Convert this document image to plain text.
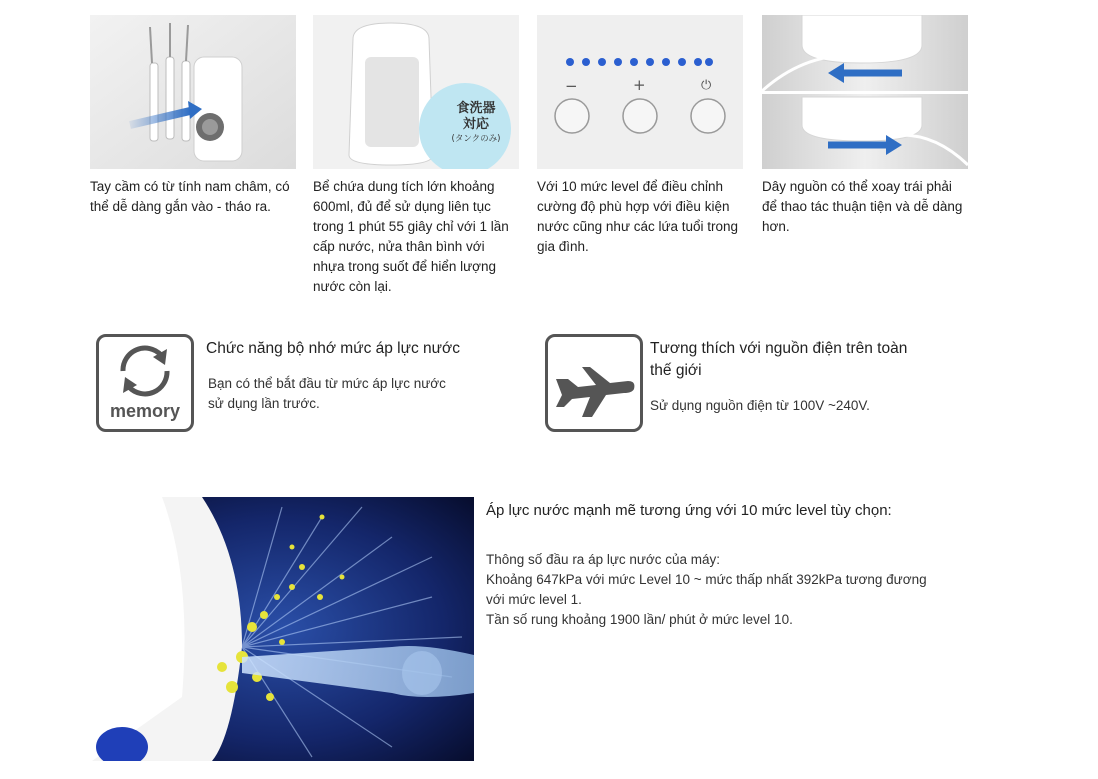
Tay cầm có từ tính nam châm, có thể dễ dàng gắn vào - tháo ra.
食洗器
対応
(タンクのみ)
Bể chứa dung tích lớn khoảng 600ml, đủ để sử dụng liên tục trong 1 phút 55 giây chỉ với 1 lần cấp nước, nửa thân bình với nhựa trong suốt để hiển lượng nước còn lại.
−	+	⏻
Với 10 mức level để điều chỉnh cường độ phù hợp với điều kiện nước cũng như các lứa tuổi trong gia đình.
Dây nguồn có thể xoay trái phải để thao tác thuận tiện và dễ dàng hơn.
memory
Chức năng bộ nhớ mức áp lực nước
Bạn có thể bắt đầu từ mức áp lực nước sử dụng lần trước.
Tương thích với nguồn điện trên toàn thế giới
Sử dụng nguồn điện từ 100V ~240V.
Áp lực nước mạnh mẽ tương ứng với 10 mức level tùy chọn:
Thông số đầu ra áp lực nước của máy:
Khoảng 647kPa với mức Level 10 ~ mức thấp nhất 392kPa tương đương với mức level 1.
Tần số rung khoảng 1900 lần/ phút ở mức level 10.
